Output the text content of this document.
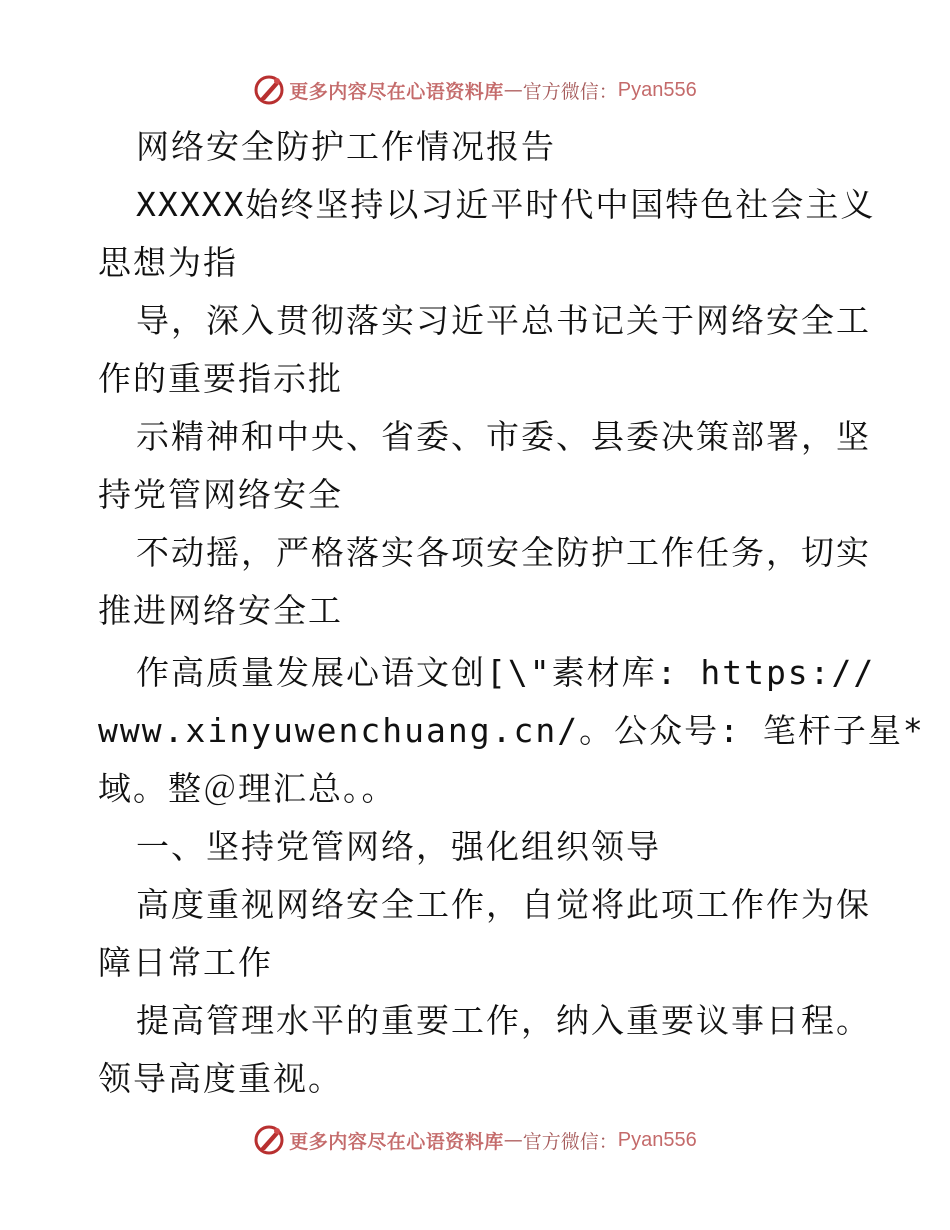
更多内容尽在心语资料库 — 官方微信： Pyan556
网络安全防护工作情况报告
XXXXX始终坚持以习近平时代中国特色社会主义
思想为指
导，深入贯彻落实习近平总书记关于网络安全工
作的重要指示批
示精神和中央、省委、市委、县委决策部署，坚
持党管网络安全
不动摇，严格落实各项安全防护工作任务，切实
推进网络安全工
作高质量发展心语文创[\"素材库: https://
www.xinyuwenchuang.cn/。公众号: 笔杆子星*
域。整＠理汇总。。
一、坚持党管网络，强化组织领导
高度重视网络安全工作，自觉将此项工作作为保
障日常工作
提高管理水平的重要工作，纳入重要议事日程。
领导高度重视。
更多内容尽在心语资料库 — 官方微信： Pyan556
